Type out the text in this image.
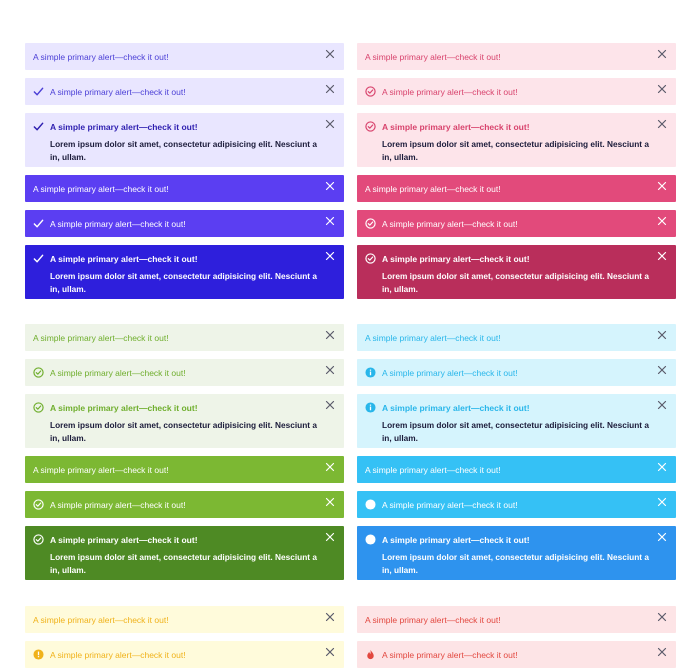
A simple primary alert—check it out!
A simple primary alert—check it out!
A simple primary alert—check it out!
Lorem ipsum dolor sit amet, consectetur adipisicing elit. Nesciunt a in, ullam.
A simple primary alert—check it out!
A simple primary alert—check it out!
A simple primary alert—check it out!
Lorem ipsum dolor sit amet, consectetur adipisicing elit. Nesciunt a in, ullam.
A simple primary alert—check it out!
A simple primary alert—check it out!
A simple primary alert—check it out!
Lorem ipsum dolor sit amet, consectetur adipisicing elit. Nesciunt a in, ullam.
A simple primary alert—check it out!
A simple primary alert—check it out!
A simple primary alert—check it out!
Lorem ipsum dolor sit amet, consectetur adipisicing elit. Nesciunt a in, ullam.
A simple primary alert—check it out!
A simple primary alert—check it out!
A simple primary alert—check it out!
Lorem ipsum dolor sit amet, consectetur adipisicing elit. Nesciunt a in, ullam.
A simple primary alert—check it out!
A simple primary alert—check it out!
A simple primary alert—check it out!
Lorem ipsum dolor sit amet, consectetur adipisicing elit. Nesciunt a in, ullam.
A simple primary alert—check it out!
A simple primary alert—check it out!
A simple primary alert—check it out!
Lorem ipsum dolor sit amet, consectetur adipisicing elit. Nesciunt a in, ullam.
A simple primary alert—check it out!
A simple primary alert—check it out!
A simple primary alert—check it out!
Lorem ipsum dolor sit amet, consectetur adipisicing elit. Nesciunt a in, ullam.
A simple primary alert—check it out!
A simple primary alert—check it out!
A simple primary alert—check it out!
A simple primary alert—check it out!
